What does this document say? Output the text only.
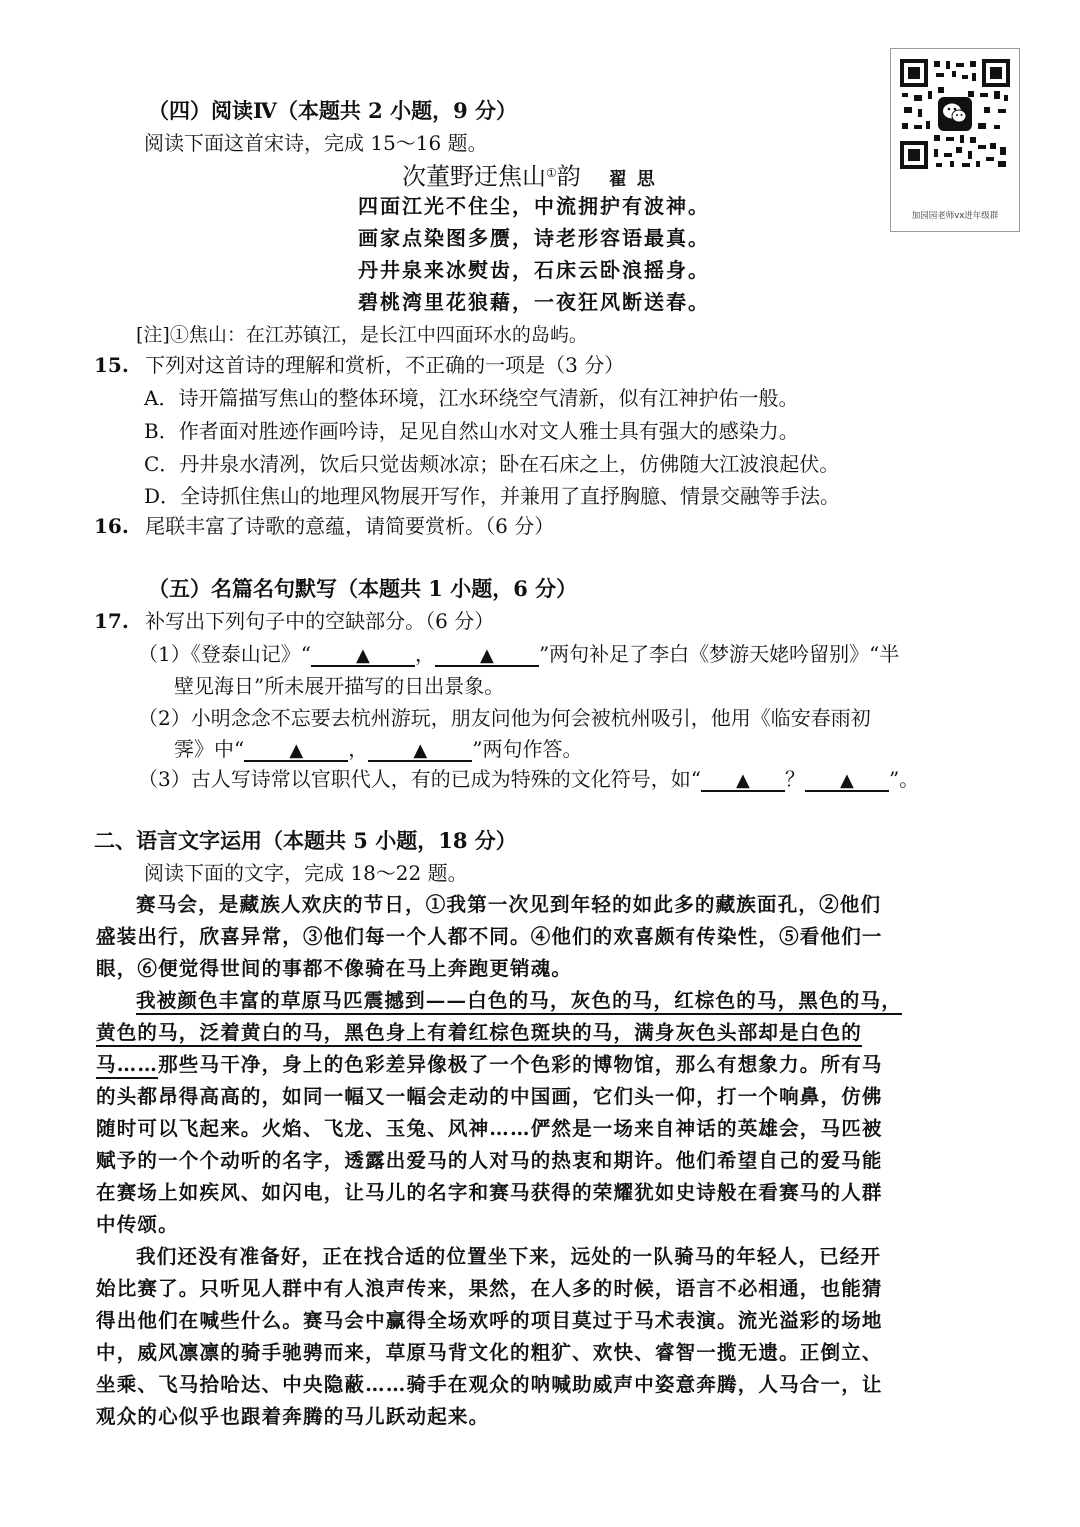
加园园老师vx进年级群
（四）阅读Ⅳ（本题共 2 小题，9 分）
阅读下面这首宋诗，完成 15～16 题。
次董野迂焦山①韵 翟思
四面江光不住尘，中流拥护有波神。
画家点染图多赝，诗老形容语最真。
丹井泉来冰熨齿，石床云卧浪摇身。
碧桃湾里花狼藉，一夜狂风断送春。
[注]①焦山：在江苏镇江，是长江中四面环水的岛屿。
15. 下列对这首诗的理解和赏析，不正确的一项是（3 分）
A．诗开篇描写焦山的整体环境，江水环绕空气清新，似有江神护佑一般。
B．作者面对胜迹作画吟诗，足见自然山水对文人雅士具有强大的感染力。
C．丹井泉水清冽，饮后只觉齿颊冰凉；卧在石床之上，仿佛随大江波浪起伏。
D．全诗抓住焦山的地理风物展开写作，并兼用了直抒胸臆、情景交融等手法。
16. 尾联丰富了诗歌的意蕴，请简要赏析。（6 分）
（五）名篇名句默写（本题共 1 小题，6 分）
17. 补写出下列句子中的空缺部分。（6 分）
（1）《登泰山记》“	▲ ，	▲ ”两句补足了李白《梦游天姥吟留别》“半
壁见海日”所未展开描写的日出景象。
（2）小明念念不忘要去杭州游玩，朋友问他为何会被杭州吸引，他用《临安春雨初
霁》中“	▲ ，	▲ ”两句作答。
（3）古人写诗常以官职代人，有的已成为特殊的文化符号，如“ ▲ ？ ▲ ”。
二、语言文字运用（本题共 5 小题，18 分）
阅读下面的文字，完成 18～22 题。
赛马会，是藏族人欢庆的节日，①我第一次见到年轻的如此多的藏族面孔，②他们
盛装出行，欣喜异常，③他们每一个人都不同。④他们的欢喜颇有传染性，⑤看他们一
眼，⑥便觉得世间的事都不像骑在马上奔跑更销魂。
我被颜色丰富的草原马匹震撼到——白色的马，灰色的马，红棕色的马，黑色的马，
黄色的马，泛着黄白的马，黑色身上有着红棕色斑块的马，满身灰色头部却是白色的
马……那些马干净，身上的色彩差异像极了一个色彩的博物馆，那么有想象力。所有马
的头都昂得高高的，如同一幅又一幅会走动的中国画，它们头一仰，打一个响鼻，仿佛
随时可以飞起来。火焰、飞龙、玉兔、风神……俨然是一场来自神话的英雄会，马匹被
赋予的一个个动听的名字，透露出爱马的人对马的热衷和期许。他们希望自己的爱马能
在赛场上如疾风、如闪电，让马儿的名字和赛马获得的荣耀犹如史诗般在看赛马的人群
中传颂。
我们还没有准备好，正在找合适的位置坐下来，远处的一队骑马的年轻人，已经开
始比赛了。只听见人群中有人浪声传来，果然，在人多的时候，语言不必相通，也能猜
得出他们在喊些什么。赛马会中赢得全场欢呼的项目莫过于马术表演。流光溢彩的场地
中，威风凛凛的骑手驰骋而来，草原马背文化的粗犷、欢快、睿智一揽无遗。正倒立、
坐乘、飞马拾哈达、中央隐蔽……骑手在观众的呐喊助威声中姿意奔腾，人马合一，让
观众的心似乎也跟着奔腾的马儿跃动起来。
